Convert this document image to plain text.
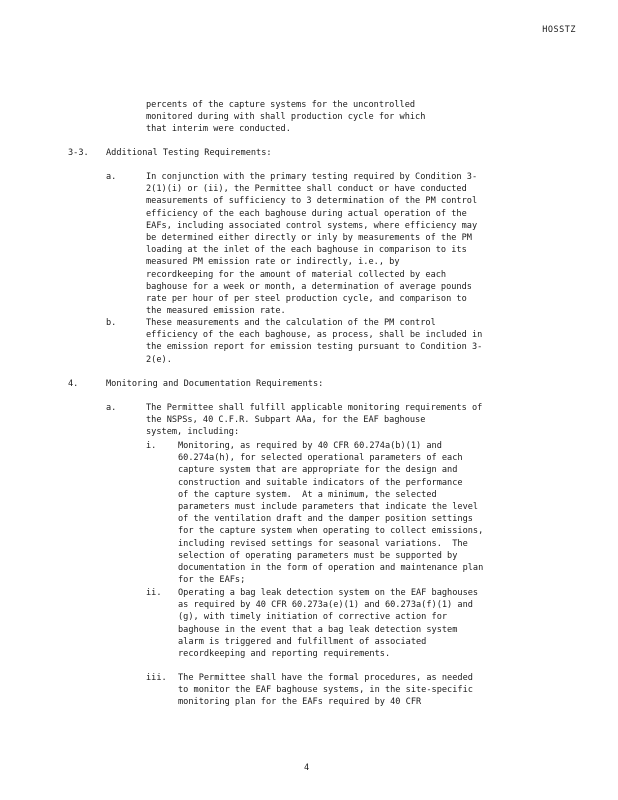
HOSSTZ
percents of the capture systems for the uncontrolled
monitored during with shall production cycle for which
that interim were conducted.
3-3. Additional Testing Requirements:
a.	In conjunction with the primary testing required by Condition 3-
2(1)(i) or (ii), the Permittee shall conduct or have conducted
measurements of sufficiency to 3 determination of the PM control
efficiency of the each baghouse during actual operation of the
EAFs, including associated control systems, where efficiency may
be determined either directly or inly by measurements of the PM
loading at the inlet of the each baghouse in comparison to its
measured PM emission rate or indirectly, i.e., by
recordkeeping for the amount of material collected by each
baghouse for a week or month, a determination of average pounds
rate per hour of per steel production cycle, and comparison to
the measured emission rate.
b.	These measurements and the calculation of the PM control
efficiency of the each baghouse, as process, shall be included in
the emission report for emission testing pursuant to Condition 3-
2(e).
4.	Monitoring and Documentation Requirements:
a.	The Permittee shall fulfill applicable monitoring requirements of
the NSPSs, 40 C.F.R. Subpart AAa, for the EAF baghouse
system, including:
i.	Monitoring, as required by 40 CFR 60.274a(b)(1) and
60.274a(h), for selected operational parameters of each
capture system that are appropriate for the design and
construction and suitable indicators of the performance
of the capture system.  At a minimum, the selected
parameters must include parameters that indicate the level
of the ventilation draft and the damper position settings
for the capture system when operating to collect emissions,
including revised settings for seasonal variations.  The
selection of operating parameters must be supported by
documentation in the form of operation and maintenance plan
for the EAFs;
ii. Operating a bag leak detection system on the EAF baghouses
as required by 40 CFR 60.273a(e)(1) and 60.273a(f)(1) and
(g), with timely initiation of corrective action for
baghouse in the event that a bag leak detection system
alarm is triggered and fulfillment of associated
recordkeeping and reporting requirements.
iii. The Permittee shall have the formal procedures, as needed
to monitor the EAF baghouse systems, in the site-specific
monitoring plan for the EAFs required by 40 CFR
4
